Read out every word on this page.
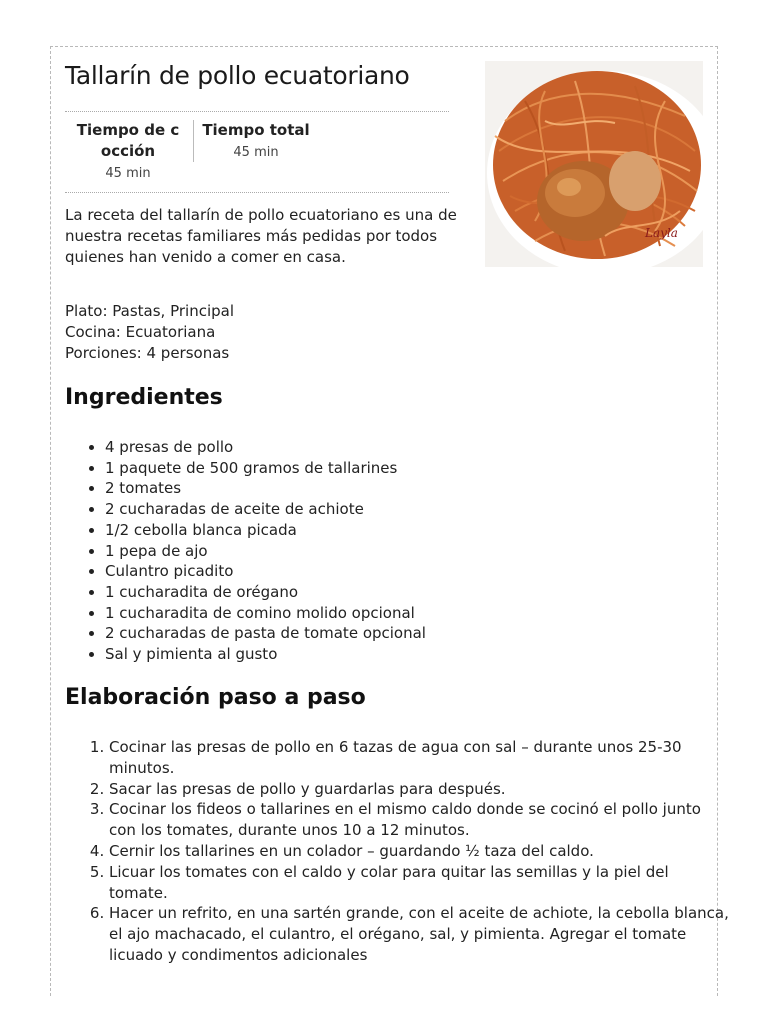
Tallarín de pollo ecuatoriano
Layla
Tiempo de c
occión
45 min
Tiempo total
45 min

La receta del tallarín de pollo ecuatoriano es una de nuestra recetas familiares más pedidas por todos quienes han venido a comer en casa.

Plato: Pastas, Principal
Cocina: Ecuatoriana
Porciones: 4 personas
Ingredientes
• 4 presas de pollo
• 1 paquete de 500 gramos de tallarines
• 2 tomates
• 2 cucharadas de aceite de achiote
• 1/2 cebolla blanca picada
• 1 pepa de ajo
• Culantro picadito
• 1 cucharadita de orégano
• 1 cucharadita de comino molido opcional
• 2 cucharadas de pasta de tomate opcional
• Sal y pimienta al gusto
Elaboración paso a paso
1. Cocinar las presas de pollo en 6 tazas de agua con sal – durante unos 25-30 minutos.
2. Sacar las presas de pollo y guardarlas para después.
3. Cocinar los fideos o tallarines en el mismo caldo donde se cocinó el pollo junto con los tomates, durante unos 10 a 12 minutos.
4. Cernir los tallarines en un colador – guardando ½ taza del caldo.
5. Licuar los tomates con el caldo y colar para quitar las semillas y la piel del tomate.
6. Hacer un refrito, en una sartén grande, con el aceite de achiote, la cebolla blanca, el ajo machacado, el culantro, el orégano, sal, y pimienta. Agregar el tomate licuado y condimentos adicionales
